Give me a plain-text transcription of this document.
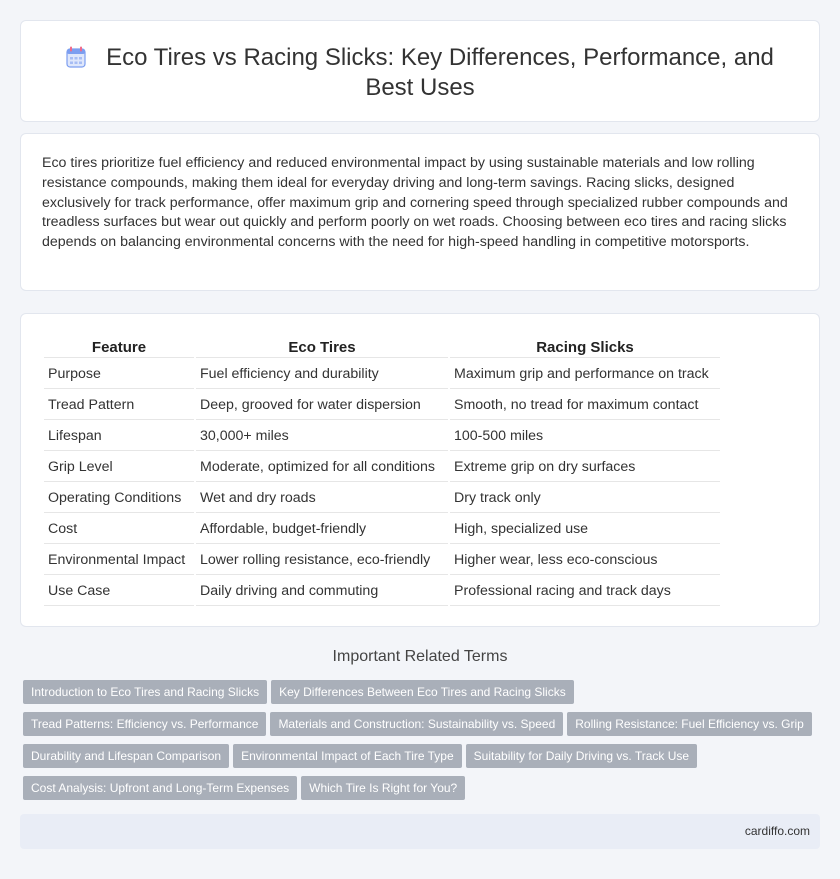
Eco Tires vs Racing Slicks: Key Differences, Performance, and Best Uses

Eco tires prioritize fuel efficiency and reduced environmental impact by using sustainable materials and low rolling resistance compounds, making them ideal for everyday driving and long-term savings. Racing slicks, designed exclusively for track performance, offer maximum grip and cornering speed through specialized rubber compounds and treadless surfaces but wear out quickly and perform poorly on wet roads. Choosing between eco tires and racing slicks depends on balancing environmental concerns with the need for high-speed handling in competitive motorsports.

Feature	Eco Tires	Racing Slicks
Purpose	Fuel efficiency and durability	Maximum grip and performance on track
Tread Pattern	Deep, grooved for water dispersion	Smooth, no tread for maximum contact
Lifespan	30,000+ miles	100-500 miles
Grip Level	Moderate, optimized for all conditions	Extreme grip on dry surfaces
Operating Conditions	Wet and dry roads	Dry track only
Cost	Affordable, budget-friendly	High, specialized use
Environmental Impact	Lower rolling resistance, eco-friendly	Higher wear, less eco-conscious
Use Case	Daily driving and commuting	Professional racing and track days
Important Related Terms
Introduction to Eco Tires and Racing Slicks Key Differences Between Eco Tires and Racing Slicks
Tread Patterns: Efficiency vs. Performance Materials and Construction: Sustainability vs. Speed Rolling Resistance: Fuel Efficiency vs. Grip
Durability and Lifespan Comparison Environmental Impact of Each Tire Type Suitability for Daily Driving vs. Track Use
Cost Analysis: Upfront and Long-Term Expenses Which Tire Is Right for You?
cardiffo.com
